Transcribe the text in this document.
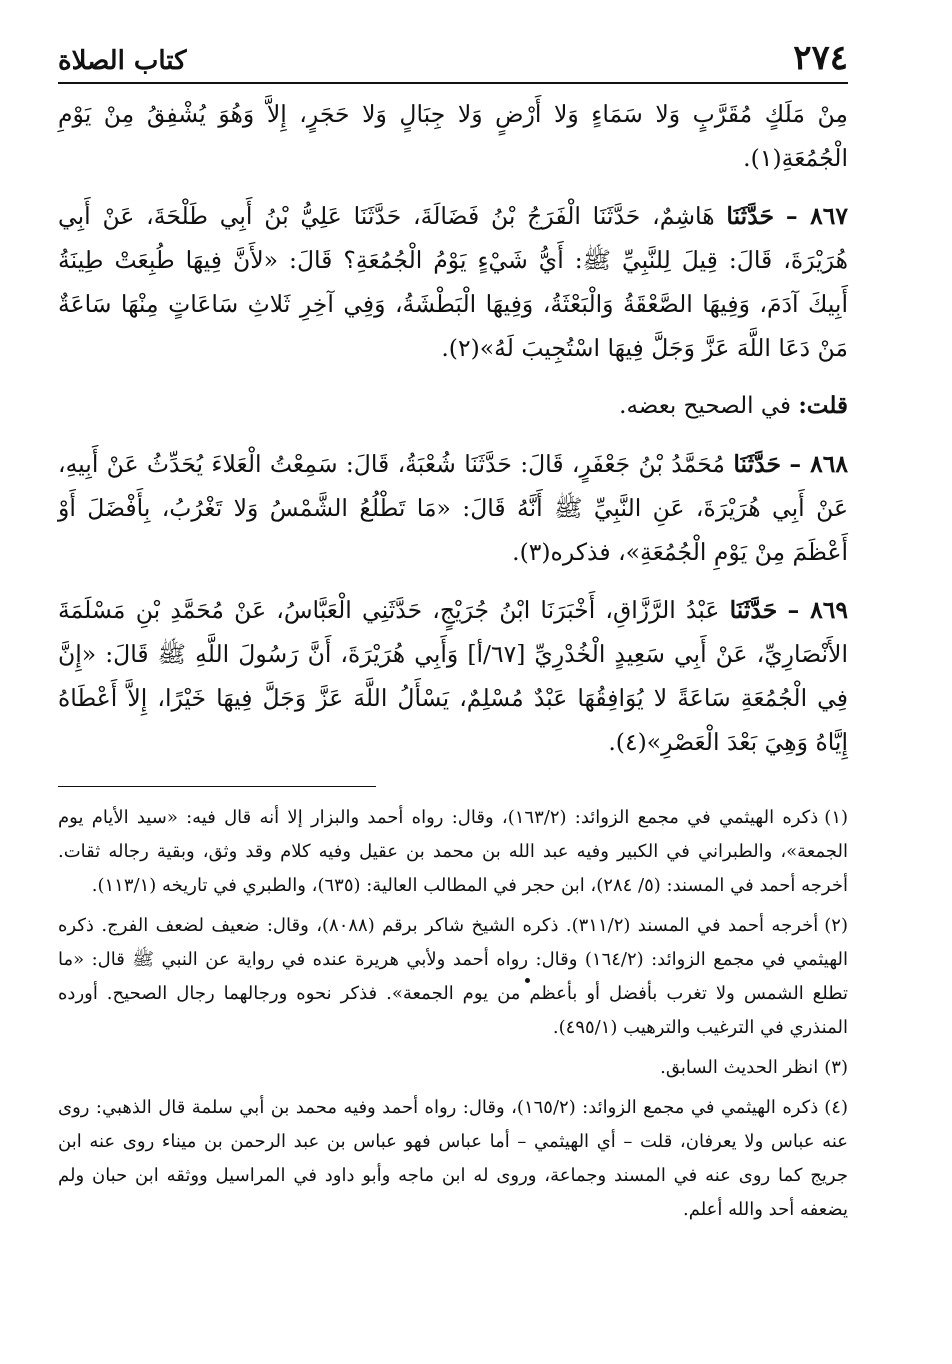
٢٧٤
كتاب الصلاة

مِنْ مَلَكٍ مُقَرَّبٍ وَلا سَمَاءٍ وَلا أَرْضٍ وَلا جِبَالٍ وَلا حَجَرٍ، إِلاَّ وَهُوَ يُشْفِقُ مِنْ يَوْمِ الْجُمُعَةِ(١).

٨٦٧ – حَدَّثَنَا هَاشِمٌ، حَدَّثَنَا الْفَرَجُ بْنُ فَضَالَةَ، حَدَّثَنَا عَلِيُّ بْنُ أَبِي طَلْحَةَ، عَنْ أَبِي هُرَيْرَةَ، قَالَ: قِيلَ لِلنَّبِيِّ ﷺ: أَيُّ شَيْءٍ يَوْمُ الْجُمُعَةِ؟ قَالَ: «لأَنَّ فِيهَا طُبِعَتْ طِينَةُ أَبِيكَ آدَمَ، وَفِيهَا الصَّعْقَةُ وَالْبَعْثَةُ، وَفِيهَا الْبَطْشَةُ، وَفِي آخِرِ ثَلاثِ سَاعَاتٍ مِنْهَا سَاعَةٌ مَنْ دَعَا اللَّهَ عَزَّ وَجَلَّ فِيهَا اسْتُجِيبَ لَهُ»(٢).

قلت: في الصحيح بعضه.

٨٦٨ – حَدَّثَنَا مُحَمَّدُ بْنُ جَعْفَرٍ، قَالَ: حَدَّثَنَا شُعْبَةُ، قَالَ: سَمِعْتُ الْعَلاءَ يُحَدِّثُ عَنْ أَبِيهِ، عَنْ أَبِي هُرَيْرَةَ، عَنِ النَّبِيِّ ﷺ أَنَّهُ قَالَ: «مَا تَطْلُعُ الشَّمْسُ وَلا تَغْرُبُ، بِأَفْضَلَ أَوْ أَعْظَمَ مِنْ يَوْمِ الْجُمُعَةِ»، فذكره(٣).

٨٦٩ – حَدَّثَنَا عَبْدُ الرَّزَّاقِ، أَخْبَرَنَا ابْنُ جُرَيْجٍ، حَدَّثَنِي الْعَبَّاسُ، عَنْ مُحَمَّدِ بْنِ مَسْلَمَةَ الأَنْصَارِيِّ، عَنْ أَبِي سَعِيدٍ الْخُدْرِيِّ [٦٧/أ] وَأَبِي هُرَيْرَةَ، أَنَّ رَسُولَ اللَّهِ ﷺ قَالَ: «إِنَّ فِي الْجُمُعَةِ سَاعَةً لا يُوَافِقُهَا عَبْدٌ مُسْلِمٌ، يَسْأَلُ اللَّهَ عَزَّ وَجَلَّ فِيهَا خَيْرًا، إِلاَّ أَعْطَاهُ إِيَّاهُ وَهِيَ بَعْدَ الْعَصْرِ»(٤).

(١)ذكره الهيثمي في مجمع الزوائد: (١٦٣/٢)، وقال: رواه أحمد والبزار إلا أنه قال فيه: «سيد الأيام يوم الجمعة»، والطبراني في الكبير وفيه عبد الله بن محمد بن عقيل وفيه كلام وقد وثق، وبقية رجاله ثقات. أخرجه أحمد في المسند: (٥/ ٢٨٤)، ابن حجر في المطالب العالية: (٦٣٥)، والطبري في تاريخه (١١٣/١).

(٢)أخرجه أحمد في المسند (٣١١/٢). ذكره الشيخ شاكر برقم (٨٠٨٨)، وقال: ضعيف لضعف الفرج. ذكره الهيثمي في مجمع الزوائد: (١٦٤/٢) وقال: رواه أحمد ولأبي هريرة عنده في رواية عن النبي ﷺ قال: «ما تطلع الشمس ولا تغرب بأفضل أو بأعظم من يوم الجمعة». فذكر نحوه ورجالهما رجال الصحيح. أورده المنذري في الترغيب والترهيب (٤٩٥/١).

(٣)انظر الحديث السابق.

(٤)ذكره الهيثمي في مجمع الزوائد: (١٦٥/٢)، وقال: رواه أحمد وفيه محمد بن أبي سلمة قال الذهبي: روى عنه عباس ولا يعرفان، قلت – أي الهيثمي – أما عباس فهو عباس بن عبد الرحمن بن ميناء روى عنه ابن جريج كما روى عنه في المسند وجماعة، وروى له ابن ماجه وأبو داود في المراسيل ووثقه ابن حبان ولم يضعفه أحد والله أعلم.
